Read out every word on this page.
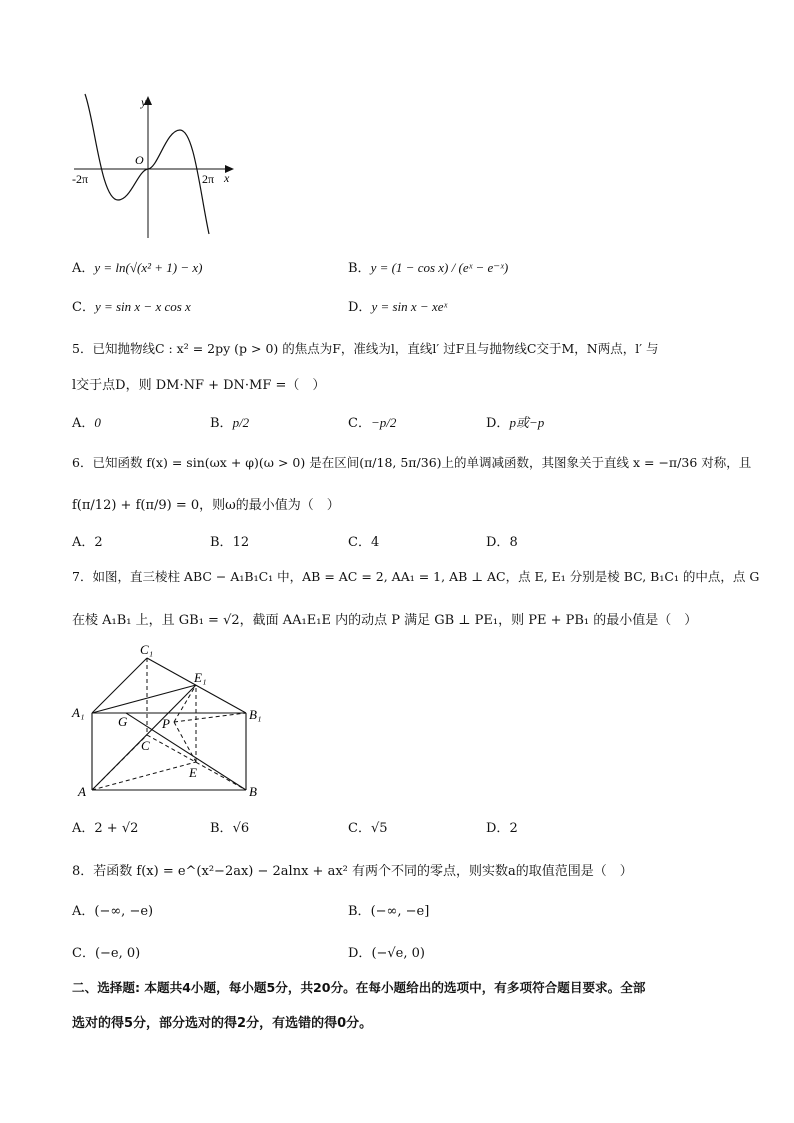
y
x
O
-2π	2π
A．y = ln(√(x² + 1) − x)	B．y = (1 − cos x) / (eˣ − e⁻ˣ)
C．y = sin x − x cos x	D．y = sin x − xeˣ
5．已知抛物线C : x² = 2py (p > 0) 的焦点为F，准线为l，直线l′ 过F且与抛物线C交于M，N两点，l′ 与
l交于点D，则 DM·NF + DN·MF =（　）
A．0	B．p/2	C．−p/2	D．p或−p
6．已知函数 f(x) = sin(ωx + φ)(ω > 0) 是在区间(π/18, 5π/36)上的单调减函数，其图象关于直线 x = −π/36 对称，且
f(π/12) + f(π/9) = 0，则ω的最小值为（　）
A．2	B．12	C．4	D．8
7．如图，直三棱柱 ABC − A₁B₁C₁ 中，AB = AC = 2, AA₁ = 1, AB ⊥ AC，点 E, E₁ 分别是棱 BC, B₁C₁ 的中点，点 G
在棱 A₁B₁ 上，且 GB₁ = √2，截面 AA₁E₁E 内的动点 P 满足 GB ⊥ PE₁，则 PE + PB₁ 的最小值是（　）
C₁
E₁
A₁	B₁
G	P
C
E
A	B
A．2 + √2	B．√6	C．√5	D．2
8．若函数 f(x) = e^(x²−2ax) − 2alnx + ax² 有两个不同的零点，则实数a的取值范围是（　）
A．(−∞, −e)	B．(−∞, −e]
C．(−e, 0)	D．(−√e, 0)
二、选择题: 本题共4小题，每小题5分，共20分。在每小题给出的选项中，有多项符合题目要求。全部
选对的得5分，部分选对的得2分，有选错的得0分。
